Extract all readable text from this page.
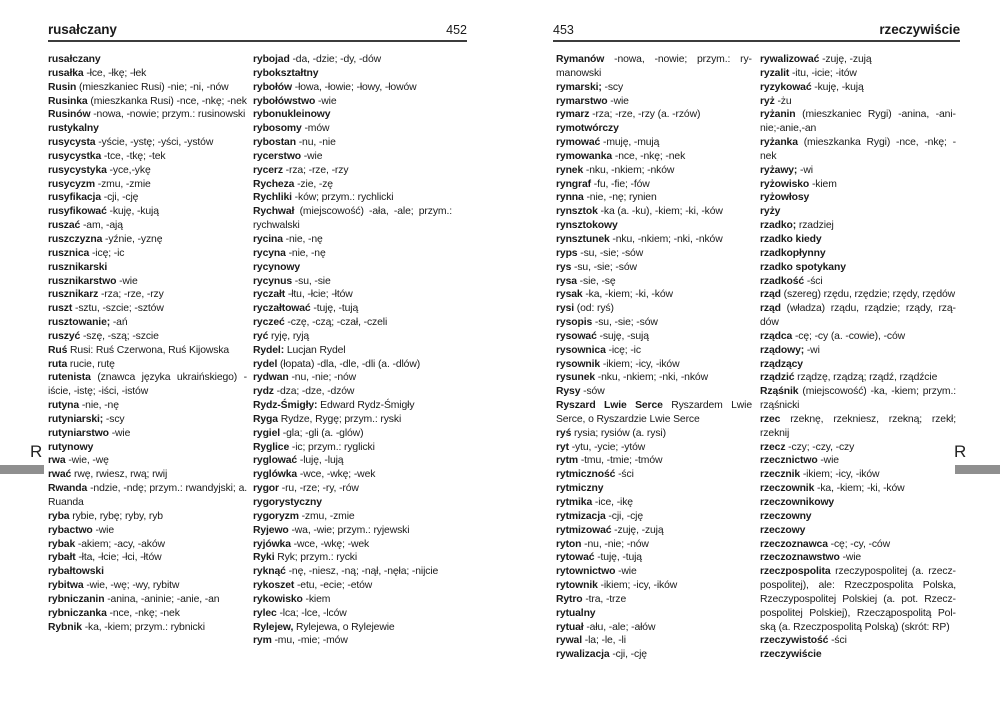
rusałczany	452

rusałczany

rusałka -łce, -łkę; -łek

Rusin (mieszkaniec Rusi) -nie; -ni, -nów

Rusinka (mieszkanka Rusi) -nce, -nkę; -nek

Rusinów -nowa, -nowie; przym.: rusinowski

rustykalny

rusycysta -yście, -ystę; -yści, -ystów

rusycystka -tce, -tkę; -tek

rusycystyka -yce,-ykę

rusycyzm -zmu, -zmie

rusyfikacja -cji, -cję

rusyfikować -kuję, -kują

ruszać -am, -ają

ruszczyzna -yźnie, -yznę

rusznica -icę; -ic

rusznikarski

rusznikarstwo -wie

rusznikarz -rza; -rze, -rzy

ruszt -sztu, -szcie; -sztów

rusztowanie; -ań

ruszyć -szę, -szą; -szcie

Ruś Rusi: Ruś Czerwona, Ruś Kijowska

ruta rucie, rutę

rutenista (znawca języka ukraińskiego) -iście, -istę; -iści, -istów

rutyna -nie, -nę

rutyniarski; -scy

rutyniarstwo -wie

rutynowy

rwa -wie, -wę

rwać rwę, rwiesz, rwą; rwij

Rwanda -ndzie, -ndę; przym.: rwandyjski; a. Ruanda

ryba rybie, rybę; ryby, ryb

rybactwo -wie

rybak -akiem; -acy, -aków

rybałt -łta, -łcie; -łci, -łtów

rybałtowski

rybitwa -wie, -wę; -wy, rybitw

rybniczanin -anina, -aninie; -anie, -an

rybniczanka -nce, -nkę; -nek

Rybnik -ka, -kiem; przym.: rybnicki

rybojad -da, -dzie; -dy, -dów

rybokształtny

rybołów -łowa, -łowie; -łowy, -łowów

rybołówstwo -wie

rybonukleinowy

rybosomy -mów

rybostan -nu, -nie

rycerstwo -wie

rycerz -rza; -rze, -rzy

Rycheza -zie, -zę

Rychliki -ków; przym.: rychlicki

Rychwał (miejscowość) -ała, -ale; przym.: rychwalski

rycina -nie, -nę

rycyna -nie, -nę

rycynowy

rycynus -su, -sie

ryczałt -łtu, -łcie; -łtów

ryczałtować -tuję, -tują

ryczeć -czę, -czą; -czał, -czeli

ryć ryję, ryją

Rydel: Lucjan Rydel

rydel (łopata) -dla, -dle, -dli (a. -dlów)

rydwan -nu, -nie; -nów

rydz -dza; -dze, -dzów

Rydz-Śmigły: Edward Rydz-Śmigły

Ryga Rydze, Rygę; przym.: ryski

rygiel -gla; -gli (a. -glów)

Ryglice -ic; przym.: ryglicki

ryglować -luję, -lują

ryglówka -wce, -wkę; -wek

rygor -ru, -rze; -ry, -rów

rygorystyczny

rygoryzm -zmu, -zmie

Ryjewo -wa, -wie; przym.: ryjewski

ryjówka -wce, -wkę; -wek

Ryki Ryk; przym.: rycki

ryknąć -nę, -niesz, -ną; -nął, -nęła; -nijcie

rykoszet -etu, -ecie; -etów

rykowisko -kiem

rylec -lca; -lce, -lców

Rylejew, Rylejewa, o Rylejewie

rym -mu, -mie; -mów

453	rzeczywiście

Rymanów -nowa, -nowie; przym.: rymanowski

rymarski; -scy

rymarstwo -wie

rymarz -rza; -rze, -rzy (a. -rzów)

rymotwórczy

rymować -muję, -mują

rymowanka -nce, -nkę; -nek

rynek -nku, -nkiem; -nków

ryngraf -fu, -fie; -fów

rynna -nie, -nę; rynien

rynsztok -ka (a. -ku), -kiem; -ki, -ków

rynsztokowy

rynsztunek -nku, -nkiem; -nki, -nków

ryps -su, -sie; -sów

rys -su, -sie; -sów

rysa -sie, -sę

rysak -ka, -kiem; -ki, -ków

rysi (od: ryś)

rysopis -su, -sie; -sów

rysować -suję, -sują

rysownica -icę; -ic

rysownik -ikiem; -icy, -ików

rysunek -nku, -nkiem; -nki, -nków

Rysy -sów

Ryszard Lwie Serce Ryszardem Lwie Serce, o Ryszardzie Lwie Serce

ryś rysia; rysiów (a. rysi)

ryt -ytu, -ycie; -ytów

rytm -tmu, -tmie; -tmów

rytmiczność -ści

rytmiczny

rytmika -ice, -ikę

rytmizacja -cji, -cję

rytmizować -zuję, -zują

ryton -nu, -nie; -nów

rytować -tuję, -tują

rytownictwo -wie

rytownik -ikiem; -icy, -ików

Rytro -tra, -trze

rytualny

rytuał -ału, -ale; -ałów

rywal -la; -le, -li

rywalizacja -cji, -cję

rywalizować -zuję, -zują

ryzalit -itu, -icie; -itów

ryzykować -kuję, -kują

ryż -żu

ryżanin (mieszkaniec Rygi) -anina, -aninie;-anie,-an

ryżanka (mieszkanka Rygi) -nce, -nkę; -nek

ryżawy; -wi

ryżowisko -kiem

ryżowłosy

ryży

rzadko; rzadziej

rzadko kiedy

rzadkopłynny

rzadko spotykany

rzadkość -ści

rząd (szereg) rzędu, rzędzie; rzędy, rzędów

rząd (władza) rządu, rządzie; rządy, rządów

rządca -cę; -cy (a. -cowie), -ców

rządowy; -wi

rządzący

rządzić rządzę, rządzą; rządź, rządźcie

Rząśnik (miejscowość) -ka, -kiem; przym.: rząśnicki

rzec rzeknę, rzekniesz, rzekną; rzekł; rzeknij

rzecz -czy; -czy, -czy

rzecznictwo -wie

rzecznik -ikiem; -icy, -ików

rzeczownik -ka, -kiem; -ki, -ków

rzeczownikowy

rzeczowny

rzeczowy

rzeczoznawca -cę; -cy, -ców

rzeczoznawstwo -wie

rzeczpospolita rzeczypospolitej (a. rzeczpospolitej), ale: Rzeczpospolita Polska, Rzeczypospolitej Polskiej (a. pot. Rzeczpospolitej Polskiej), Rzecząpospolitą Polską (a. Rzeczpospolitą Polską) (skrót: RP)

rzeczywistość -ści

rzeczywiście

R	R
